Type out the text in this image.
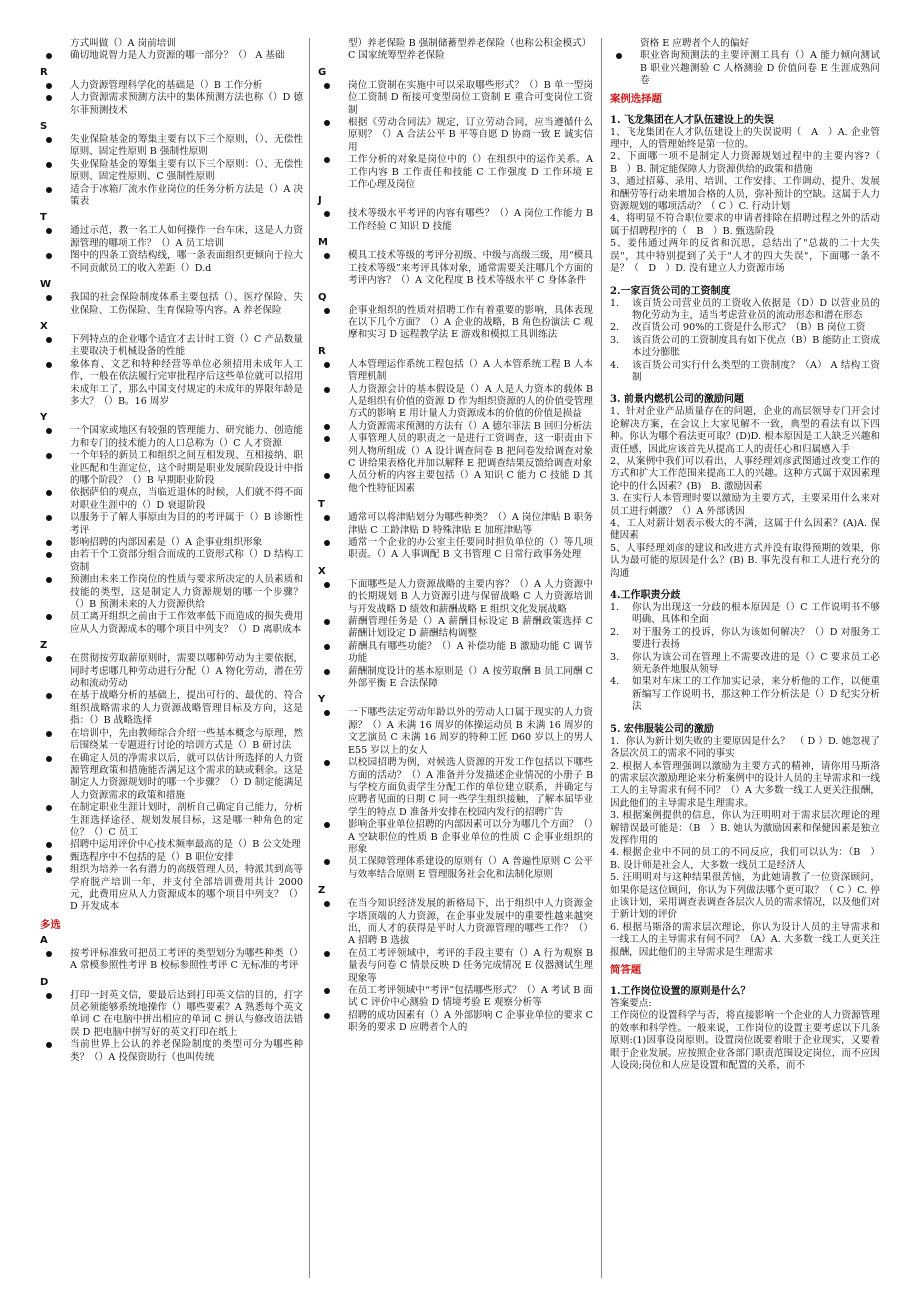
方式叫做（）A 岗前培训
确切地说智力是人力资源的哪一部分？（） A 基础
R
人力资源管理科学化的基础是（）B 工作分析
人力资源需求预测方法中的集体预测方法也称（）D 德尔菲预测技术
S
失业保险基金的筹集主要有以下三个原则，（）、无偿性原则、固定性原则 B 强制性原则
失业保险基金的筹集主要有以下三个原则：（）、无偿性原则、固定性原则、C 强制性原则
适合于冰箱厂流水作业岗位的任务分析方法是（）A 决策表
T
通过示范，教一名工人如何操作一台车床，这是人力资源管理的哪项工作？（）A 员工培训
图中的四条工资结构线，哪一条表面组织更倾向于拉大不同贡献员工的收入差距（）D.d
W
我国的社会保险制度体系主要包括（）、医疗保险、失业保险、工伤保险、生育保险等内容。A 养老保险
X
下列特点的企业哪个适宜才去计时工资（）C 产品数量主要取决于机械设备的性能
象体育、文艺和特种经营等单位必须招用未成年人工作，一般在依法履行完审批程序后这些单位就可以招用未成年工了，那么中国支付规定的未成年的界限年龄是多大？（）B。16 周岁
Y
一个国家或地区有较强的管理能力、研究能力、创造能力和专门的技术能力的人口总称为（）C 人才资源
一个年轻的新员工和组织之间互相发现、互相接纳、职业匹配和生涯定位，这个时期是职业发展阶段设计中指的哪个阶段？（）B 早期职业阶段
依据萨伯的观点，当临近退休的时候，人们就不得不面对职业生涯中的（）D 衰退阶段
以服务于了解人事原由为目的的考评属于（）B 诊断性考评
影响招聘的内部因素是（）A 企事业组织形象
由若干个工资部分组合而成的工资形式称（）D 结构工资制
预测由未来工作岗位的性质与要求所决定的人员素质和技能的类型，这是制定人力资源规划的哪一个步骤？（）B 预测未来的人力资源供给
员工离开组织之前由于工作效率低下而造成的损失费用应从人力资源成本的哪个项目中列支？（）D 离职成本
Z
在贯彻按劳取薪原则时，需要以哪种劳动为主要依据，同时考虑哪几种劳动进行分配（）A 物化劳动，潜在劳动和流动劳动
在基于战略分析的基础上，提出可行的、最优的、符合组织战略需求的人力资源战略管理目标及方向，这是指：（）B 战略选择
在培训中，先由教师综合介绍一些基本概念与原理，然后围绕某一专题进行讨论的培训方式是（）B 研讨法
在确定人员的净需求以后，就可以估计所选择的人力资源管理政策和措施能否满足这个需求的缺或剩余。这是制定人力资源规划时的哪一个步骤？（）D 制定能满足人力资源需求的政策和措施
在制定职业生涯计划时，剖析自己确定自己能力，分析生涯选择途径、规划发展目标，这是哪一种角色的定位？（）C 员工
招聘中运用评价中心技术频率最高的是（）B 公文处理
甄选程序中不包括的是（）B 职位安排
组织为培养一名有潜力的高级管理人员，特派其到高等学府脱产培训一年，并支付全部培训费用共计 2000 元，此费用应从人力资源成本的哪个项目中列支？（）D 开发成本
多选
A
按考评标准致可把员工考评的类型划分为哪些种类（）A 常模参照性考评 B 校标参照性考评 C 无标准的考评
D
打印一封英文信，要最后达到打印英文信的目的，打字员必须能够系统地操作（）哪些要素？A 熟悉每个英文单词 C 在电脑中拼出相应的单词 C 拼认与修改语法错误 D 把电脑中拼写好的英文打印在纸上
当前世界上公认的养老保险制度的类型可分为哪些种类？（）A 投保资助行（也叫传统
型）养老保险 B 强制储蓄型养老保险（也称公积金模式）C 国家统筹型养老保险
G
岗位工资制在实施中可以采取哪些形式？（）B 单一型岗位工资制 D 衔接可变型岗位工资制 E 重合可变岗位工资制
根据《劳动合同法》规定，订立劳动合同，应当遵循什么原则？（）A 合法公平 B 平等自愿 D 协商一致 E 诚实信用
工作分析的对象是岗位中的（）在组织中的运作关系。A 工作内容 B 工作责任和技能 C 工作强度 D 工作环境 E 工作心理及岗位
J
技术等级水平考评的内容有哪些？（）A 岗位工作能力 B 工作经验 C 知识 D 技能
M
模具工技术等级的考评分初级、中级与高级三级，用“模具工技术等级”来考评具体对象，通常需要关注哪几个方面的考评内容？（）A 文化程度 B 技术等级水平 C 身体条件
Q
企事业组织的性质对招聘工作有着重要的影响，具体表现在以下几个方面？（）A 企业的战略，B 角色扮演法 C 观摩和实习 D 远程教学法 E 游戏和模拟工具训练法
R
人本管理运作系统工程包括（）A 人本管系统工程 B 人本管理机制
人力资源会计的基本假设是（）A 人是人力资本的载体 B 人是组织有价值的资源 D 作为组织资源的人的价值受管理方式的影响 E 用计量人力资源成本的价值的价值是损益
人力资源需求预测的方法有（）A 德尔菲法 B 回归分析法
人事管理人员的职责之一是进行工资调查，这一职责由下列人物所组成（）A 设计调查问卷 B 把问卷发给调查对象 C 讲给果表格化并加以解释 E 把调查结果反馈给调查对象
人员分析的内容主要包括（）A 知识 C 能力 C 技能 D 其他个性特征因素
T
通常可以将津贴划分为哪些种类？（）A 岗位津贴 B 职务津贴 C 工龄津贴 D 特殊津贴 E 加班津贴等
通常一个企业的办公室主任要同时担负单位的（）等几项职责。（）A 人事调配 B 文书管理 C 日常行政事务处理
X
下面哪些是人力资源战略的主要内容？（）A 人力资源中的长期规划 B 人力资源引进与保留战略 C 人力资源培训与开发战略 D 绩效和薪酬战略 E 组织文化发展战略
薪酬管理任务是（）A 薪酬目标设定 B 薪酬政策选择 C 薪酬计划设定 D 薪酬结构调整
薪酬具有哪些功能？（）A 补偿功能 B 激励功能 C 调节功能
薪酬制度设计的基本原则是（）A 按劳取酬 B 员工同酬 C 外部平衡 E 合法保障
Y
一下哪些法定劳动年龄以外的劳动人口属于现实的人力资源？（）A 未满 16 周岁的体操运动员 B 未满 16 周岁的文艺演员 C 未满 16 周岁的特种工匠 D60 岁以上的男人 E55 岁以上的女人
以校园招聘为例，对候选人资源的开发工作包括以下哪些方面的活动？（）A 准备并分发描述企业情况的小册子 B 与学校方面负责学生分配工作的单位建立联系，并确定与应聘者见面的日期 C 同一些学生组织接触，了解本届毕业学生的特点 D 准备并安排在校园内发行的招聘广告
影响企事业单位招聘的内部因素可以分为哪几个方面？（）A 空缺职位的性质 B 企事业单位的性质 C 企事业组织的形象
员工保障管理体系建设的原则有（）A 普遍性原则 C 公平与效率结合原则 E 管理服务社会化和法制化原则
Z
在当今知识经济发展的新格局下，出于组织中人力资源金字塔顶端的人力资源，在企事业发展中的重要性越来越突出，而人才的获得是平时人力资源管理的哪些工作？（）A 招聘 B 选拔
在员工考评领域中，考评的手段主要有（）A 行为观察 B 量表与问卷 C 情景反映 D 任务完成情况 E 仪器测试生理现象等
在员工考评领域中“考评”包括哪些形式？（）A 考试 B 面试 C 评价中心测验 D 情境考验 E 观察分析等
招聘的成功因素有（）A 外部影响 C 企事业单位的要求 C 职务的要求 D 应聘者个人的
资格 E 应聘者个人的偏好
职业咨询预测法的主要评测工具有（）A 能力倾向测试 B 职业兴趣测验 C 人格测验 D 价值问卷 E 生涯成熟问卷
案例选择题
1. 飞龙集团在人才队伍建设上的失误
1、飞龙集团在人才队伍建设上的失误说明（　A　）A. 企业管理中，人的管理始终是第一位的。
2、下面哪一项不是制定人力资源规划过程中的主要内容?（　B　）B. 制定能保障人力资源供给的政策和措施
3、通过招募、录用、培训、工作安排、工作调动、提升、发展和酬劳等行动来增加合格的人员，弥补预计的空缺。这属于人力资源规划的哪项活动？（ C ）C. 行动计划
4、将明显不符合职位要求的申请者排除在招聘过程之外的活动属于招聘程序的（　B　）B. 甄选阶段
5、姜伟通过两年的反省和沉思，总结出了"总裁的二十大失误"，其中特别提到了关于"人才的四大失误"，下面哪一条不是？（　D　）D. 没有建立人力资源市场
2.一家百货公司的工资制度
1.	该百货公司营业员的工资收入依据是（D）D 以营业员的物化劳动为主，适当考虑营业员的流动形态和潜在形态
2.	改百货公司 90%的工资是什么形式？（B）B 岗位工资
3.	该百货公司的工资制度具有如下优点（B）B 能防止工资成本过分膨胀
4.	该百货公司实行什么类型的工资制度？（A） A 结构工资制
3. 前景内燃机公司的激励问题
1、针对企业产品质量存在的问题，企业的高层领导专门开会讨论解决方案，在会议上大家见解不一致，典型的看法有以下四种。你认为哪个看法更可取？(D)D. 根本原因是工人缺乏兴趣和责任感，因此应该首先从提高工人的责任心和归属感入手
2、从案例中我们可以看出，人事经理刘彦武图通过改变工作的方式和扩大工作范围来提高工人的兴趣。这种方式属于双因素理论中的什么因素？(B)　B. 激励因素
3. 在实行人本管理时要以激励为主要方式，主要采用什么来对员工进行刺激？（）A 外部诱因
4、工人对薪计划表示极大的不满，这属于什么因素？(A)A. 保健因素
5、人事经理刘彦的建议和改进方式并没有取得预期的效果，你认为最可能的原因是什么？(B) B. 事先没有和工人进行充分的沟通
4.工作职责分歧
1.	你认为出现这一分歧的根本原因是（）C 工作说明书不够明确、具体和全面
2.	对于服务工的投诉，你认为该如何解决？（）D 对服务工要进行表扬
3.	你认为该公司在管理上不需要改进的是（）C 要求员工必须无条件地服从领导
4.	如果对车床工的工作加实记录，来分析他的工作，以便重新编写工作说明书，那这种工作分析法是（）D 纪实分析法
5. 宏伟服装公司的激励
1．你认为新计划失败的主要原因是什么？　（ D ）D. 她忽视了各层次员工的需求不同的事实
2. 根据人本管理强调以激励为主要方式的精神，请你用马斯洛的需求层次激励理论来分析案例中的设计人员的主导需求和一线工人的主导需求有何不同？（）A 大多数一线工人更关注报酬，因此他们的主导需求是生理需求。
3. 根据案例提供的信息，你认为汪明明对于需求层次理论的理解错误最可能是：（B　）B. 她认为激励因素和保健因素是独立发挥作用的
4. 根据企业中不同的员工的不同反应，我们可以认为：（B　）B. 设计师是社会人，大多数一线员工是经济人
5. 汪明明对与这种结果很苦恼，为此她请教了一位资深顾问，如果你是这位顾问，你认为下列做法哪个更可取？（ C ）C. 停止该计划，采用调查表调查各层次人员的需求情况，以及他们对于新计划的评价
6. 根据马斯洛的需求层次理论，你认为设计人员的主导需求和一线工人的主导需求有何不同？（A）A. 大多数一线工人更关注报酬，因此他们的主导需求是生理需求
简答题
1.工作岗位设置的原则是什么？
答案要点:
工作岗位的设置科学与否，将直接影响一个企业的人力资源管理的效率和科学性。一般来说，工作岗位的设置主要考虑以下几条原则:(1)因事设岗原则。设置岗位既要着眼于企业现实，又要着眼于企业发展。应按照企业各部门职责范围设定岗位，而不应因人设岗;岗位和人应是设置和配置的关系，而不
